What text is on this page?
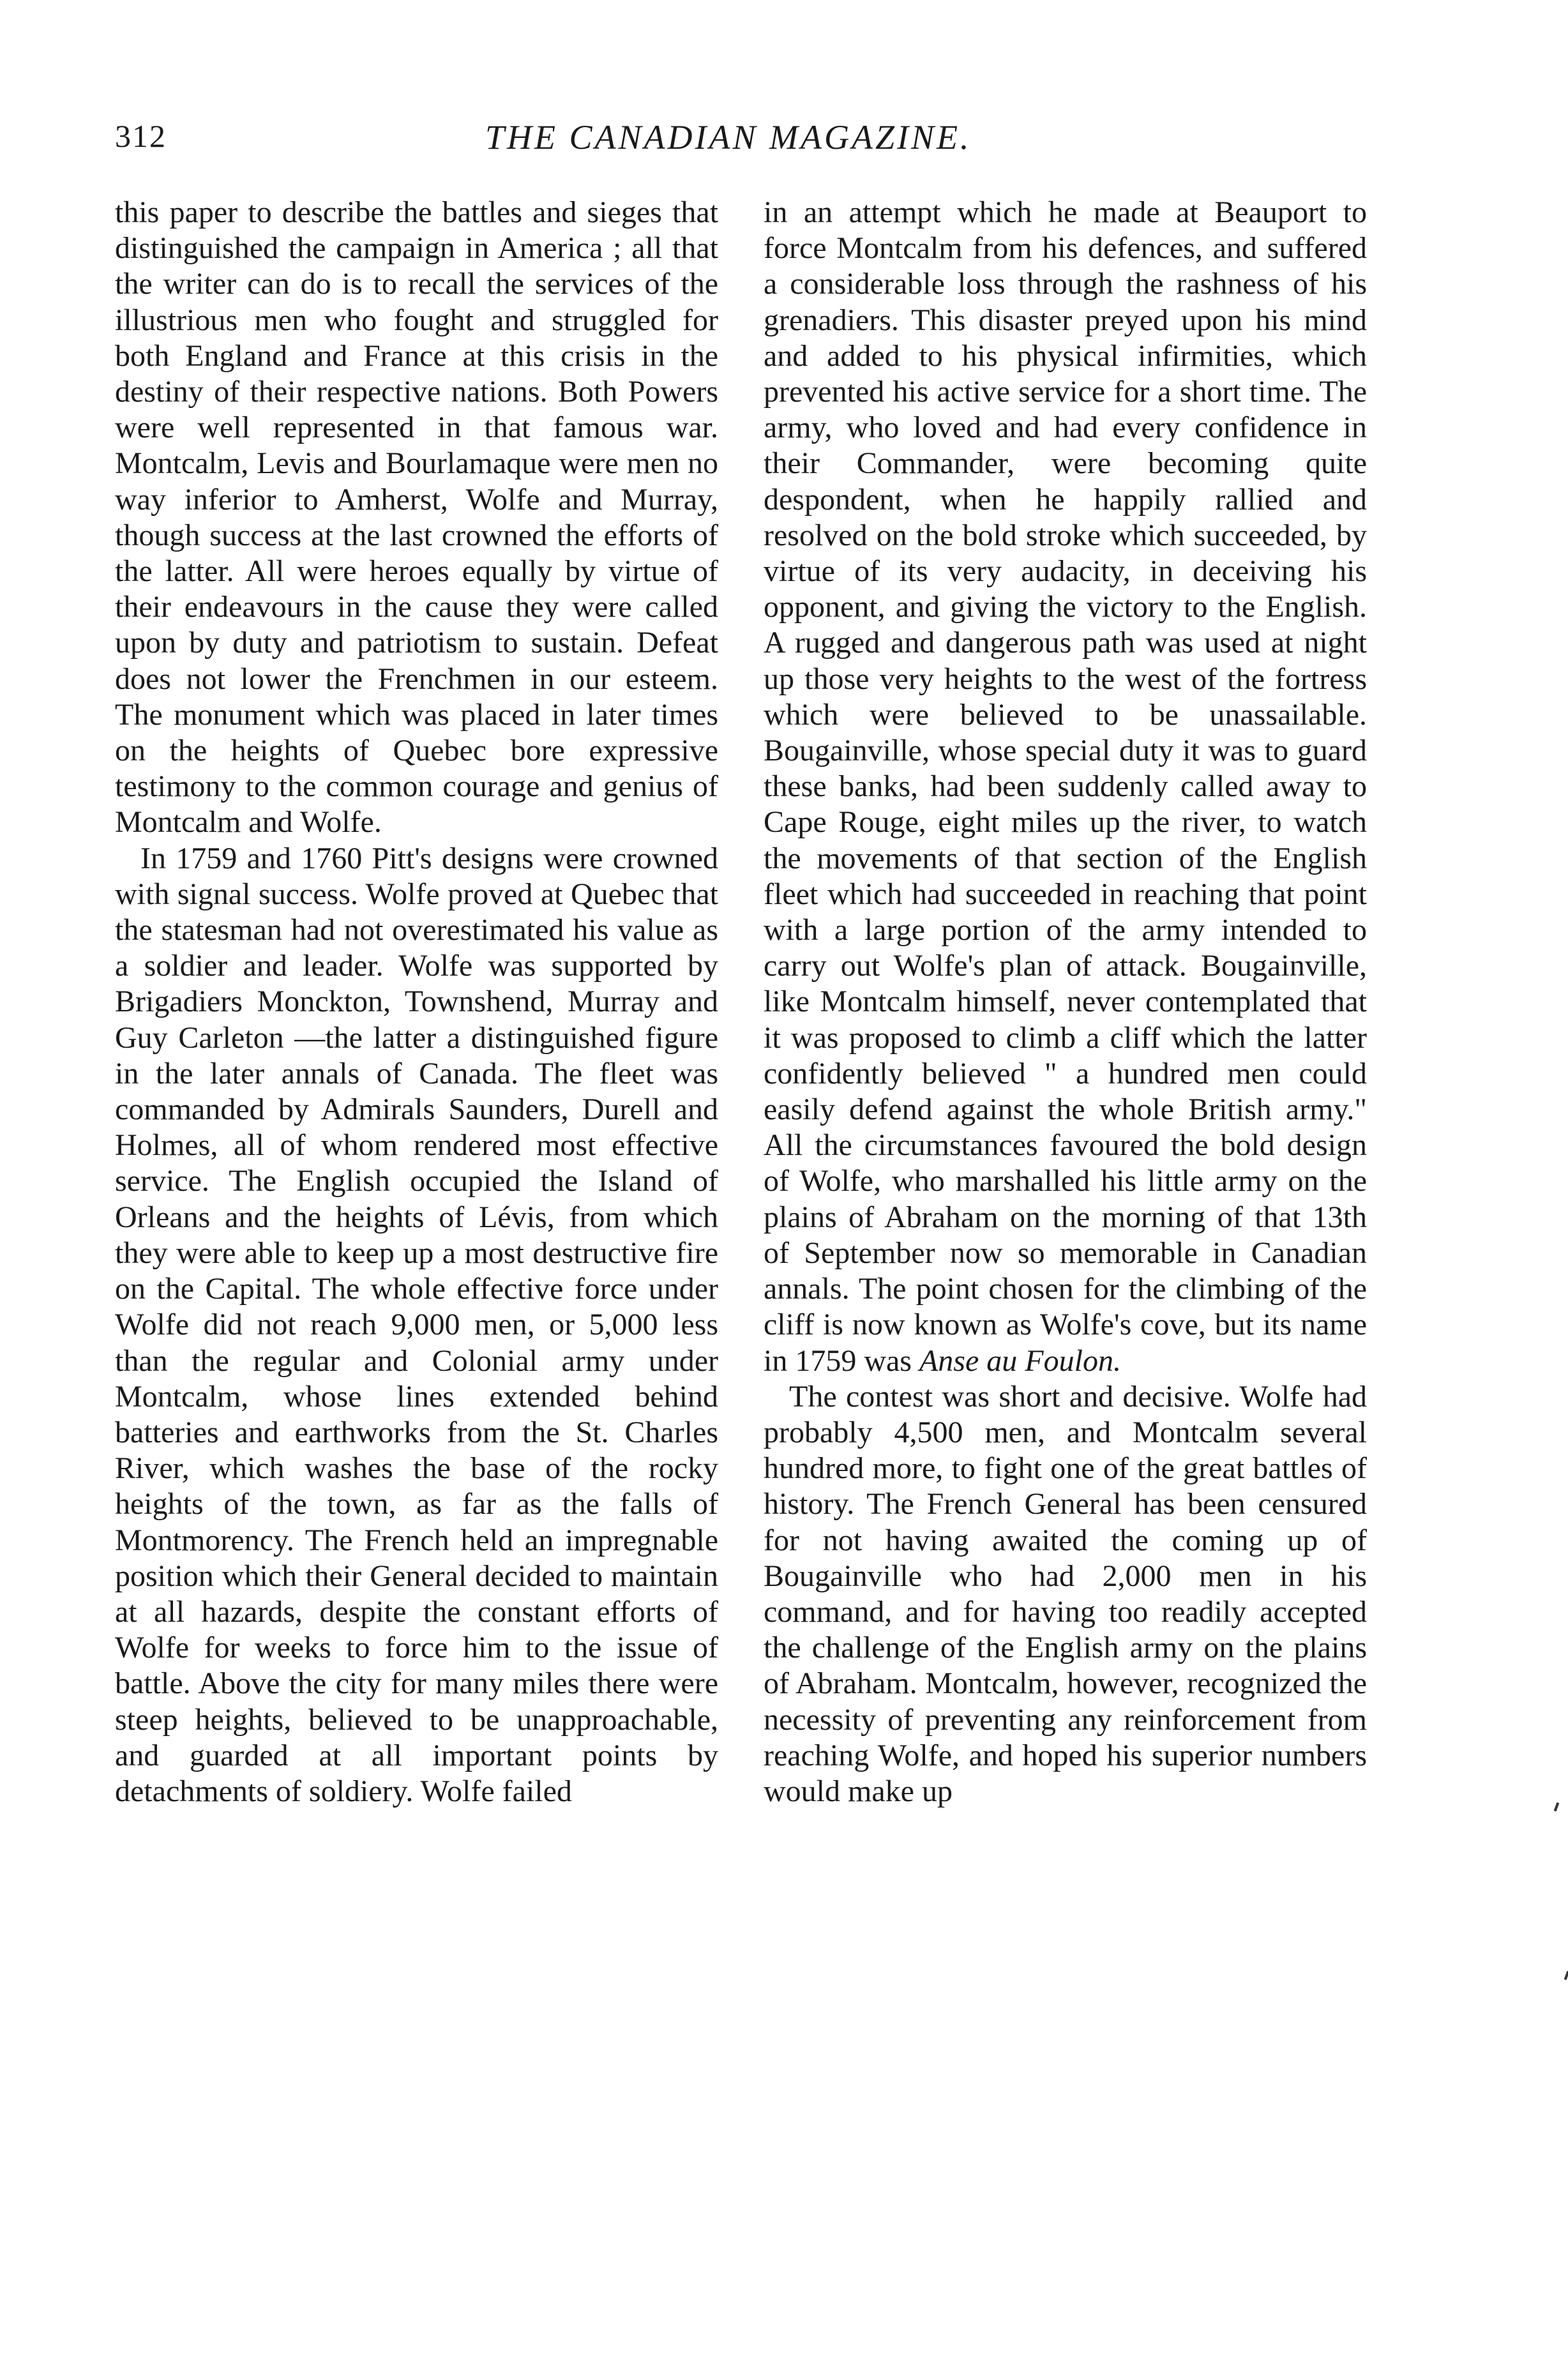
312	THE CANADIAN MAGAZINE.

this paper to describe the battles and sieges that distinguished the campaign in America ; all that the writer can do is to recall the services of the illustrious men who fought and struggled for both England and France at this crisis in the destiny of their respective nations. Both Powers were well represented in that famous war. Montcalm, Levis and Bourlamaque were men no way inferior to Amherst, Wolfe and Murray, though success at the last crowned the efforts of the latter. All were heroes equally by virtue of their endeavours in the cause they were called upon by duty and patriotism to sustain. Defeat does not lower the Frenchmen in our esteem. The monument which was placed in later times on the heights of Quebec bore expressive testimony to the common courage and genius of Montcalm and Wolfe.

In 1759 and 1760 Pitt's designs were crowned with signal success. Wolfe proved at Quebec that the statesman had not overestimated his value as a soldier and leader. Wolfe was supported by Brigadiers Monckton, Townshend, Murray and Guy Carleton —the latter a distinguished figure in the later annals of Canada. The fleet was commanded by Admirals Saunders, Durell and Holmes, all of whom rendered most effective service. The English occupied the Island of Orleans and the heights of Lévis, from which they were able to keep up a most destructive fire on the Capital. The whole effective force under Wolfe did not reach 9,000 men, or 5,000 less than the regular and Colonial army under Montcalm, whose lines extended behind batteries and earthworks from the St. Charles River, which washes the base of the rocky heights of the town, as far as the falls of Montmorency. The French held an impregnable position which their General decided to maintain at all hazards, despite the constant efforts of Wolfe for weeks to force him to the issue of battle. Above the city for many miles there were steep heights, believed to be unapproachable, and guarded at all important points by detachments of soldiery. Wolfe failed

in an attempt which he made at Beauport to force Montcalm from his defences, and suffered a considerable loss through the rashness of his grenadiers. This disaster preyed upon his mind and added to his physical infirmities, which prevented his active service for a short time. The army, who loved and had every confidence in their Commander, were becoming quite despondent, when he happily rallied and resolved on the bold stroke which succeeded, by virtue of its very audacity, in deceiving his opponent, and giving the victory to the English. A rugged and dangerous path was used at night up those very heights to the west of the fortress which were believed to be unassailable. Bougainville, whose special duty it was to guard these banks, had been suddenly called away to Cape Rouge, eight miles up the river, to watch the movements of that section of the English fleet which had succeeded in reaching that point with a large portion of the army intended to carry out Wolfe's plan of attack. Bougainville, like Montcalm himself, never contemplated that it was proposed to climb a cliff which the latter confidently believed " a hundred men could easily defend against the whole British army." All the circumstances favoured the bold design of Wolfe, who marshalled his little army on the plains of Abraham on the morning of that 13th of September now so memorable in Canadian annals. The point chosen for the climbing of the cliff is now known as Wolfe's cove, but its name in 1759 was Anse au Foulon.

The contest was short and decisive. Wolfe had probably 4,500 men, and Montcalm several hundred more, to fight one of the great battles of history. The French General has been censured for not having awaited the coming up of Bougainville who had 2,000 men in his command, and for having too readily accepted the challenge of the English army on the plains of Abraham. Montcalm, however, recognized the necessity of preventing any reinforcement from reaching Wolfe, and hoped his superior numbers would make up
